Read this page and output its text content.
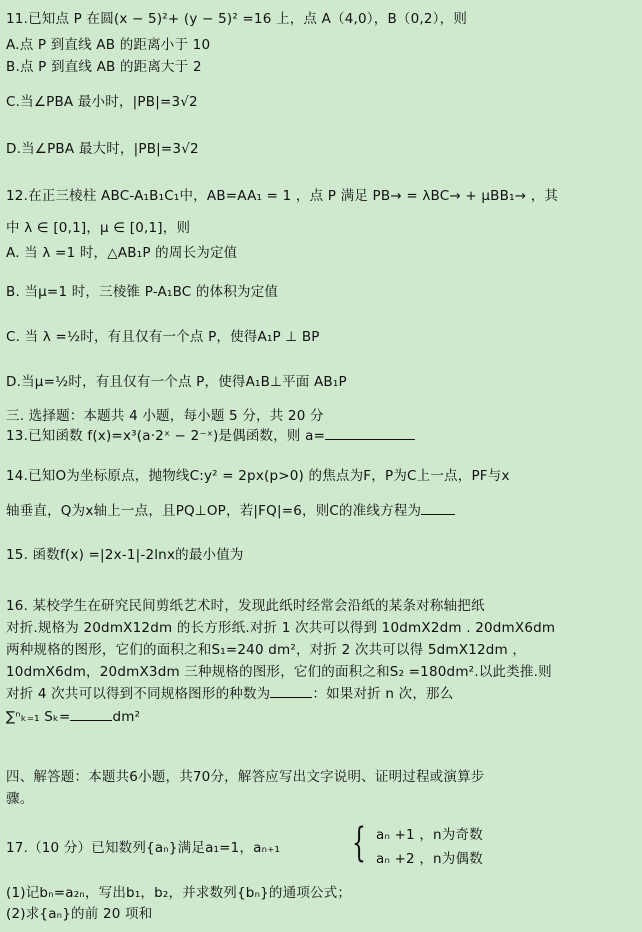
11.已知点 P 在圆(x − 5)²+ (y − 5)² =16 上，点 A（4,0），B（0,2），则
A.点 P 到直线 AB 的距离小于 10
B.点 P 到直线 AB 的距离大于 2
C.当∠PBA 最小时，|PB|=3√2
D.当∠PBA 最大时，|PB|=3√2
12.在正三棱柱 ABC-A₁B₁C₁中，AB=AA₁ = 1 ，点 P 满足 PB→ = λBC→ + μBB₁→ ，其
中 λ ∈ [0,1]，μ ∈ [0,1]，则
A. 当 λ =1 时，△AB₁P 的周长为定值
B. 当μ=1 时，三棱锥 P-A₁BC 的体积为定值
C. 当 λ =½时，有且仅有一个点 P，使得A₁P ⊥ BP
D.当μ=½时，有且仅有一个点 P，使得A₁B⊥平面 AB₁P
三. 选择题：本题共 4 小题，每小题 5 分，共 20 分
13.已知函数 f(x)=x³(a·2ˣ − 2⁻ˣ)是偶函数，则 a=
14.已知O为坐标原点，抛物线C:y² = 2px(p>0) 的焦点为F，P为C上一点，PF与x
轴垂直，Q为x轴上一点，且PQ⊥OP，若|FQ|=6，则C的准线方程为
15. 函数f(x) =|2x-1|-2lnx的最小值为
16. 某校学生在研究民间剪纸艺术时，发现此纸时经常会沿纸的某条对称轴把纸
对折.规格为 20dmX12dm 的长方形纸.对折 1 次共可以得到 10dmX2dm . 20dmX6dm
两种规格的图形，它们的面积之和S₁=240 dm²，对折 2 次共可以得 5dmX12dm ，
10dmX6dm，20dmX3dm 三种规格的图形，它们的面积之和S₂ =180dm².以此类推.则
对折 4 次共可以得到不同规格图形的种数为	：如果对折 n 次，那么
∑ⁿₖ₌₁ Sₖ=	dm²
四、解答题：本题共6小题，共70分，解答应写出文字说明、证明过程或演算步
骤。
17.（10 分）已知数列{aₙ}满足a₁=1，aₙ₊₁	{ aₙ +1 ，n为奇数
aₙ +2 ，n为偶数
(1)记bₙ=a₂ₙ，写出b₁，b₂，并求数列{bₙ}的通项公式；
(2)求{aₙ}的前 20 项和
